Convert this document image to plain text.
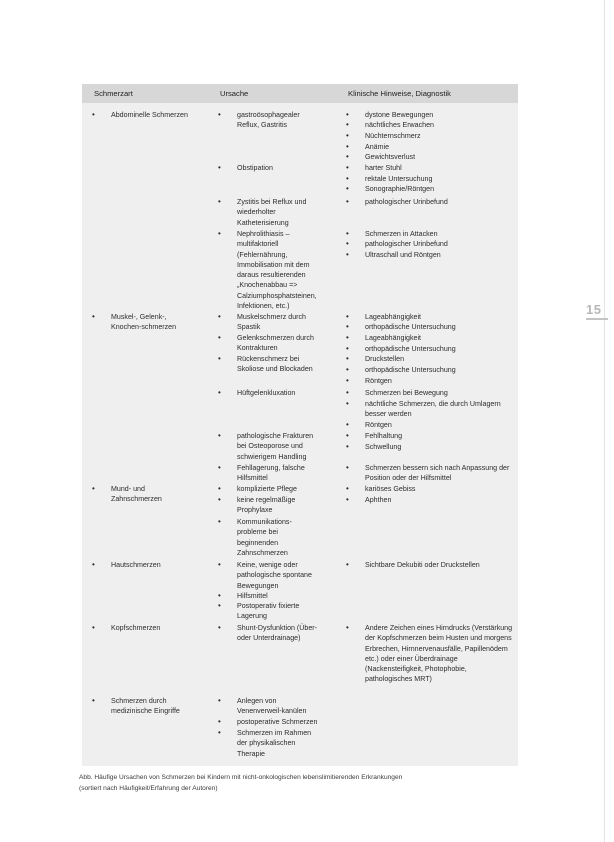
15
Schmerzart	Ursache	Klinische Hinweise, Diagnostik
• Abdominelle Schmerzen
• Muskel-, Gelenk-,
Knochen-schmerzen
• Mund- und
Zahnschmerzen
• Hautschmerzen
• Kopfschmerzen
• Schmerzen durch
medizinische Eingriffe
• gastroösophagealer
Reflux, Gastritis
• Obstipation
• Zystitis bei Reflux und
wiederholter
Katheterisierung
• Nephrolithiasis –
multifaktoriell
(Fehlernährung,
Immobilisation mit dem
daraus resultierenden
„Knochenabbau =>
Calziumphosphatsteinen,
Infektionen, etc.)
• Muskelschmerz durch
Spastik
• Gelenkschmerzen durch
Kontrakturen
• Rückenschmerz bei
Skoliose und Blockaden
• Hüftgelenkluxation
• pathologische Frakturen
bei Osteoporose und
schwierigem Handling
• Fehllagerung, falsche
Hilfsmittel
• komplizierte Pflege
• keine regelmäßige
Prophylaxe
• Kommunikations-
probleme bei
beginnenden
Zahnschmerzen
• Keine, wenige oder
pathologische spontane
Bewegungen
• Hilfsmittel
• Postoperativ fixierte
Lagerung
• Shunt-Dysfunktion (Über-
oder Unterdrainage)
• Anlegen von
Venenverweil-kanülen
• postoperative Schmerzen
• Schmerzen im Rahmen
der physikalischen
Therapie
• dystone Bewegungen
• nächtliches Erwachen
• Nüchternschmerz
• Anämie
• Gewichtsverlust
• harter Stuhl
• rektale Untersuchung
• Sonographie/Röntgen
• pathologischer Urinbefund
• Schmerzen in Attacken
• pathologischer Urinbefund
• Ultraschall und Röntgen
• Lageabhängigkeit
• orthopädische Untersuchung
• Lageabhängigkeit
• orthopädische Untersuchung
• Druckstellen
• orthopädische Untersuchung
• Röntgen
• Schmerzen bei Bewegung
• nächtliche Schmerzen, die durch Umlagern besser werden
• Röntgen
• Fehlhaltung
• Schwellung
• Schmerzen bessern sich nach Anpassung der Position oder der Hilfsmittel
• kariöses Gebiss
• Aphthen
• Sichtbare Dekubiti oder Druckstellen
• Andere Zeichen eines Hirndrucks (Verstärkung der Kopfschmerzen beim Husten und morgens Erbrechen, Hirnnervenausfälle, Papillenödem etc.) oder einer Überdrainage (Nackensteifigkeit, Photophobie, pathologisches MRT)
Abb. Häufige Ursachen von Schmerzen bei Kindern mit nicht-onkologischen lebenslimitierenden Erkrankungen
(sortiert nach Häufigkeit/Erfahrung der Autoren)
